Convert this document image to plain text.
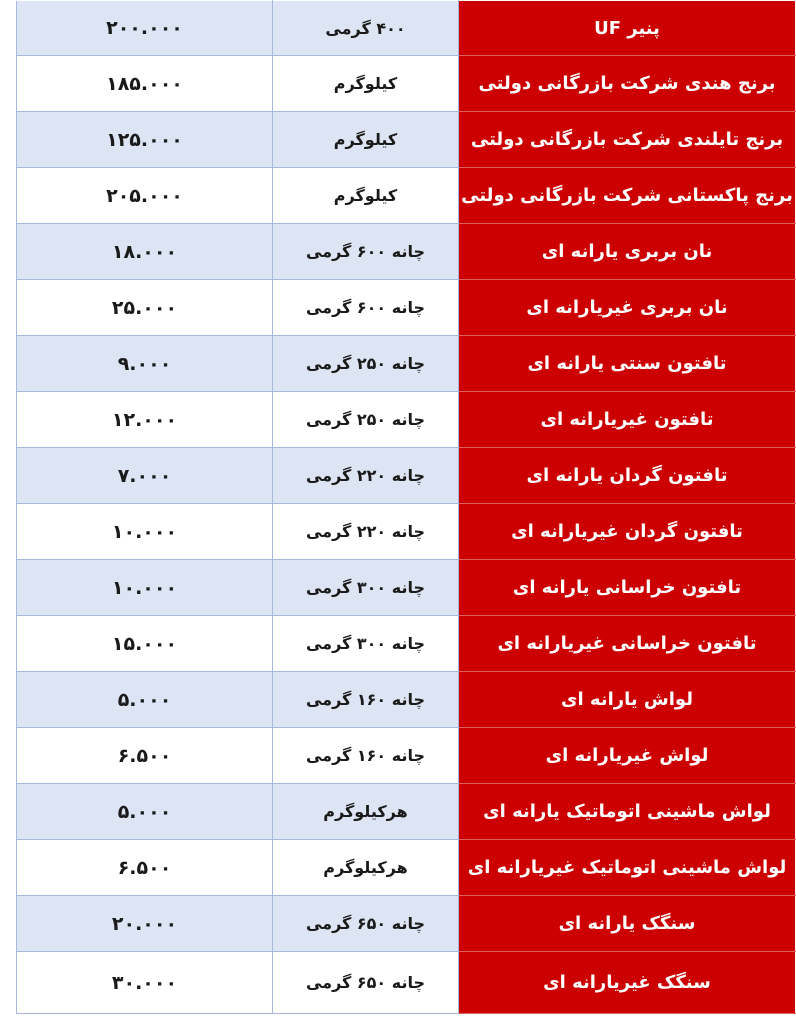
۲۰۰.۰۰۰	۴۰۰ گرمی	پنیر UF
۱۸۵.۰۰۰	کیلوگرم	برنج هندی شرکت بازرگانی دولتی
۱۲۵.۰۰۰	کیلوگرم	برنج تایلندی شرکت بازرگانی دولتی
۲۰۵.۰۰۰	کیلوگرم	برنج پاکستانی شرکت بازرگانی دولتی
۱۸.۰۰۰	چانه ۶۰۰ گرمی	نان بربری یارانه ای
۲۵.۰۰۰	چانه ۶۰۰ گرمی	نان بربری غیریارانه ای
۹.۰۰۰	چانه ۲۵۰ گرمی	تافتون سنتی یارانه ای
۱۲.۰۰۰	چانه ۲۵۰ گرمی	تافتون غیریارانه ای
۷.۰۰۰	چانه ۲۲۰ گرمی	تافتون گردان یارانه ای
۱۰.۰۰۰	چانه ۲۲۰ گرمی	تافتون گردان غیریارانه ای
۱۰.۰۰۰	چانه ۳۰۰ گرمی	تافتون خراسانی یارانه ای
۱۵.۰۰۰	چانه ۳۰۰ گرمی	تافتون خراسانی غیریارانه ای
۵.۰۰۰	چانه ۱۶۰ گرمی	لواش یارانه ای
۶.۵۰۰	چانه ۱۶۰ گرمی	لواش غیریارانه ای
۵.۰۰۰	هرکیلوگرم	لواش ماشینی اتوماتیک یارانه ای
۶.۵۰۰	هرکیلوگرم	لواش ماشینی اتوماتیک غیریارانه ای
۲۰.۰۰۰	چانه ۶۵۰ گرمی	سنگک یارانه ای
۳۰.۰۰۰	چانه ۶۵۰ گرمی	سنگک غیریارانه ای
